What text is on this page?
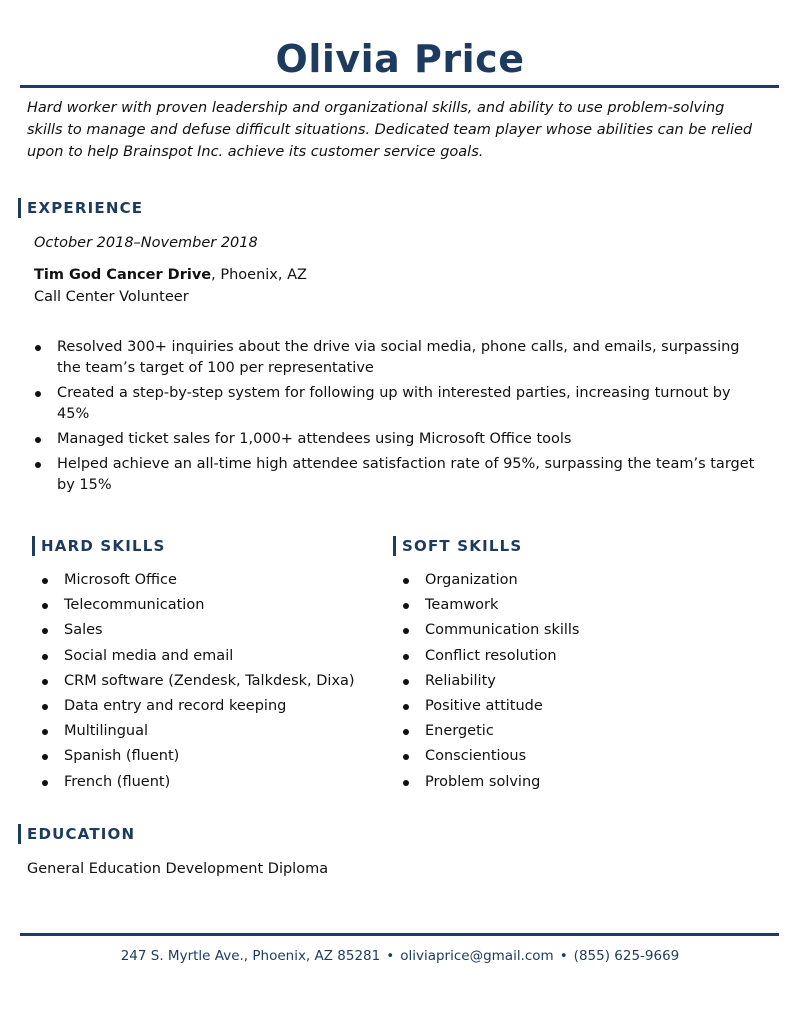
Olivia Price

Hard worker with proven leadership and organizational skills, and ability to use problem-solving skills to manage and defuse difficult situations. Dedicated team player whose abilities can be relied upon to help Brainspot Inc. achieve its customer service goals.

EXPERIENCE
October 2018–November 2018
Tim God Cancer Drive, Phoenix, AZ
Call Center Volunteer
Resolved 300+ inquiries about the drive via social media, phone calls, and emails, surpassing the team’s target of 100 per representative
Created a step-by-step system for following up with interested parties, increasing turnout by 45%
Managed ticket sales for 1,000+ attendees using Microsoft Office tools
Helped achieve an all-time high attendee satisfaction rate of 95%, surpassing the team’s target by 15%
HARD SKILLS	SOFT SKILLS
Microsoft Office
Telecommunication
Sales
Social media and email
CRM software (Zendesk, Talkdesk, Dixa)
Data entry and record keeping
Multilingual
Spanish (fluent)
French (fluent)
Organization
Teamwork
Communication skills
Conflict resolution
Reliability
Positive attitude
Energetic
Conscientious
Problem solving
EDUCATION
General Education Development Diploma
247 S. Myrtle Ave., Phoenix, AZ 85281 • oliviaprice@gmail.com • (855) 625-9669
